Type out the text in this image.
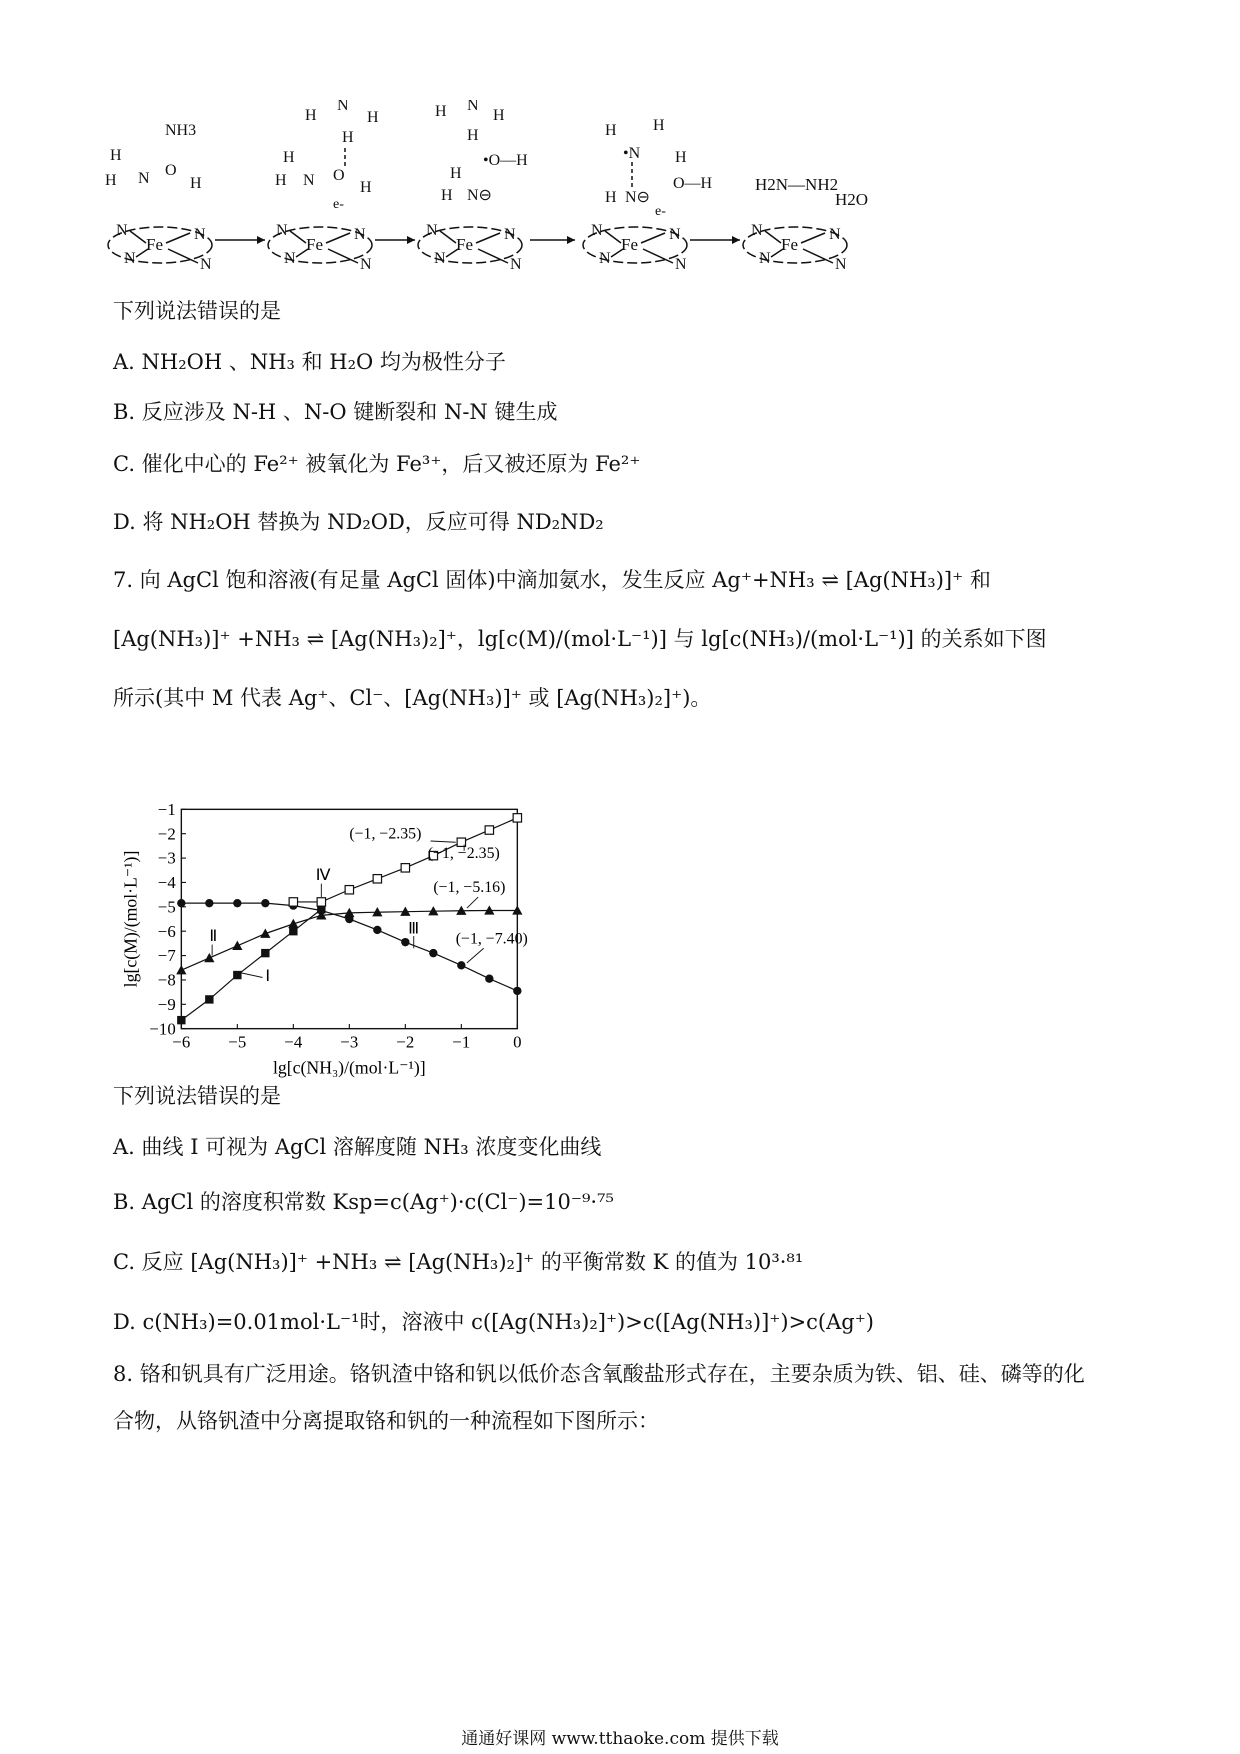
N	N
N	N
Fe
N	N
N	N
Fe
N	N
N	N
Fe
N	N
N	N
Fe
N	N
N	N
Fe
NH3
H
H N O
H
H
N
H
H
H
H N O
H
e-
H N
H
H
•O—H
H
H N⊖
H H
•N H
O—H
H N⊖
e-
H2N—NH2
H2O
下列说法错误的是
A. NH₂OH 、NH₃ 和 H₂O 均为极性分子
B. 反应涉及 N-H 、N-O 键断裂和 N-N 键生成
C. 催化中心的 Fe²⁺ 被氧化为 Fe³⁺，后又被还原为 Fe²⁺
D. 将 NH₂OH 替换为 ND₂OD，反应可得 ND₂ND₂
7. 向 AgCl 饱和溶液(有足量 AgCl 固体)中滴加氨水，发生反应 Ag⁺+NH₃ ⇌ [Ag(NH₃)]⁺ 和
[Ag(NH₃)]⁺ +NH₃ ⇌ [Ag(NH₃)₂]⁺，lg[c(M)/(mol·L⁻¹)] 与 lg[c(NH₃)/(mol·L⁻¹)] 的关系如下图
所示(其中 M 代表 Ag⁺、Cl⁻、[Ag(NH₃)]⁺ 或 [Ag(NH₃)₂]⁺)。
−6 −5 −4 −3 −2 −1 0
−1
−2
−3
−4
−5
−6
−7
−8
−9
−10
lg[c(NH₃)/(mol·L⁻¹)]
lg[c(M)/(mol·L⁻¹)]	Ⅰ
Ⅱ	Ⅲ
Ⅳ
(−1, −2.35)
(−1, −2.35)
(−1, −5.16)
(−1, −7.40)
下列说法错误的是
A. 曲线 I 可视为 AgCl 溶解度随 NH₃ 浓度变化曲线
B. AgCl 的溶度积常数 Ksp=c(Ag⁺)·c(Cl⁻)=10⁻⁹·⁷⁵
C. 反应 [Ag(NH₃)]⁺ +NH₃ ⇌ [Ag(NH₃)₂]⁺ 的平衡常数 K 的值为 10³·⁸¹
D. c(NH₃)=0.01mol·L⁻¹时，溶液中 c([Ag(NH₃)₂]⁺)>c([Ag(NH₃)]⁺)>c(Ag⁺)
8. 铬和钒具有广泛用途。铬钒渣中铬和钒以低价态含氧酸盐形式存在，主要杂质为铁、铝、硅、磷等的化
合物，从铬钒渣中分离提取铬和钒的一种流程如下图所示：
通通好课网 www.tthaoke.com 提供下载
